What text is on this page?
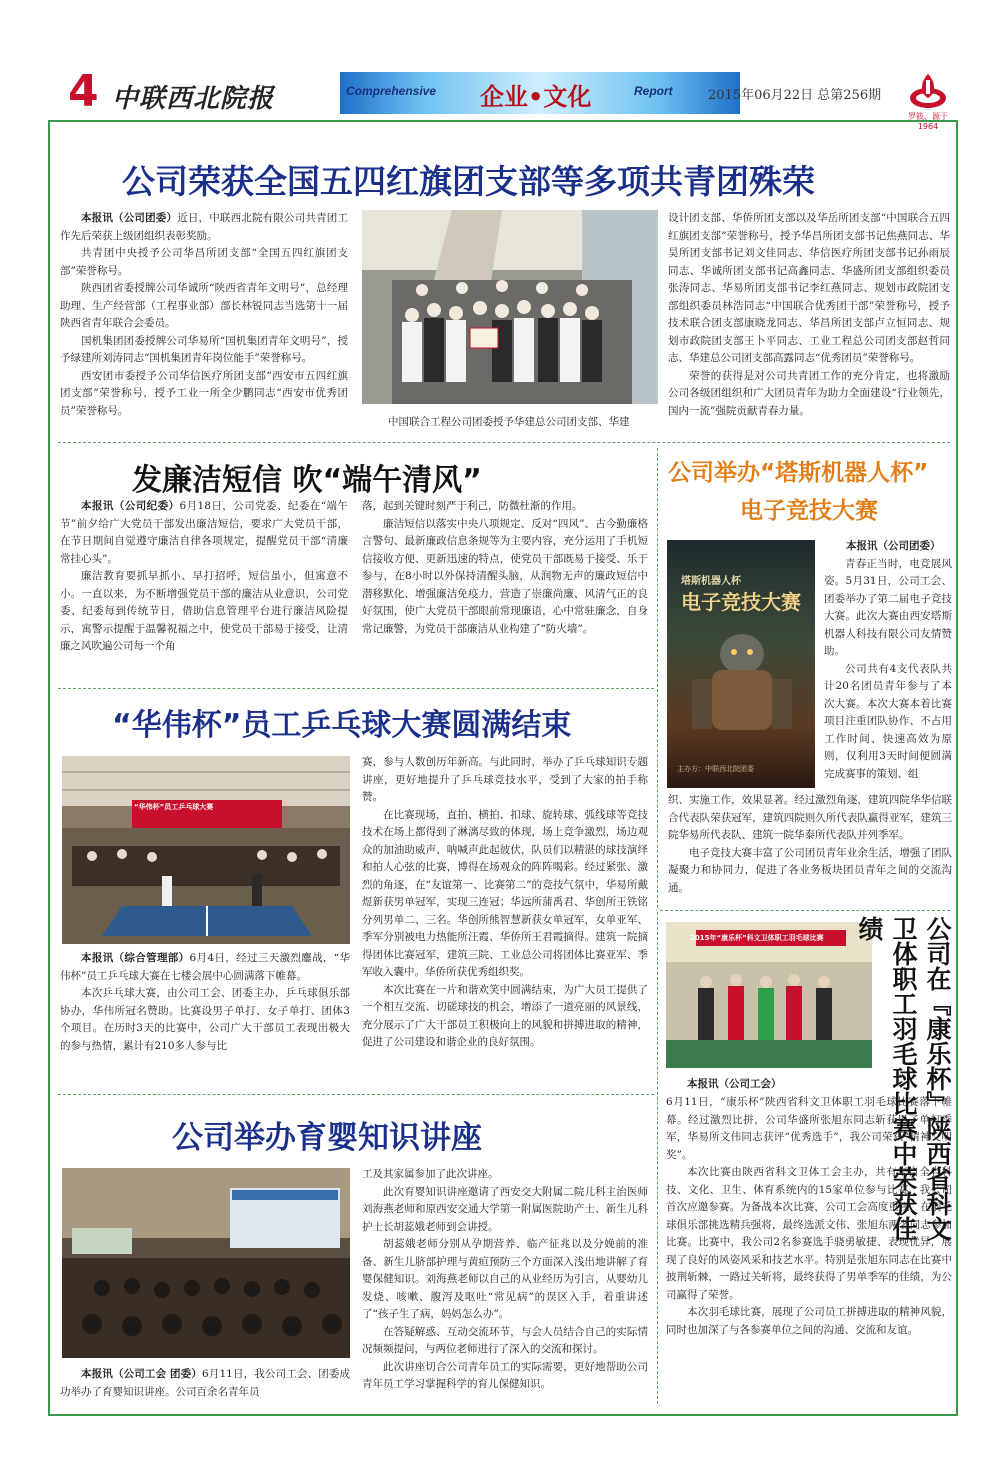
4 中联西北院报	Comprehensive 企业•文化	Report	2015年06月22日 总第256期
罗筱、源于1964
公司荣获全国五四红旗团支部等多项共青团殊荣

本报讯（公司团委）近日，中联西北院有限公司共青团工作先后荣获上级团组织表彰奖励。

共青团中央授予公司华昌所团支部“全国五四红旗团支部”荣誉称号。

陕西团省委授牌公司华诚所“陕西省青年文明号”，总经理助理、生产经营部（工程事业部）部长林锐同志当选第十一届陕西省青年联合会委员。

国机集团团委授牌公司华易所“国机集团青年文明号”，授予绿建所刘涛同志“国机集团青年岗位能手”荣誉称号。

西安团市委授予公司华信医疗所团支部“西安市五四红旗团支部”荣誉称号，授予工业一所全少鹏同志“西安市优秀团员”荣誉称号。

中国联合工程公司团委授予华建总公司团支部、华建

设计团支部、华侨所团支部以及华岳所团支部“中国联合五四红旗团支部”荣誉称号，授予华昌所团支部书记焦燕同志、华昊所团支部书记刘文佳同志、华信医疗所团支部书记孙雨辰同志、华诚所团支部书记高鑫同志、华盛所团支部组织委员张涛同志、华易所团支部书记李红燕同志、规划市政院团支部组织委员林浩同志“中国联合优秀团干部”荣誉称号，授予技术联合团支部康晓龙同志、华昌所团支部卢立恒同志、规划市政院团支部王卜平同志、工业工程总公司团支部赵哲同志、华建总公司团支部高露同志“优秀团员”荣誉称号。

荣誉的获得是对公司共青团工作的充分肯定，也将激励公司各级团组织和广大团员青年为助力全面建设“行业领先，国内一流”强院贡献青春力量。

发廉洁短信 吹“端午清风”

本报讯（公司纪委）6月18日，公司党委、纪委在“端午节”前夕给广大党员干部发出廉洁短信，要求广大党员干部，在节日期间自觉遵守廉洁自律各项规定，提醒党员干部“清廉常挂心头”。

廉洁教育要抓早抓小、早打招呼，短信虽小，但寓意不小。一直以来，为不断增强党员干部的廉洁从业意识，公司党委、纪委每到传统节日，借助信息管理平台进行廉洁风险提示，寓警示提醒于温馨祝福之中，使党员干部易于接受，让清廉之风吹遍公司每一个角

落，起到关键时刻严于利己，防微杜渐的作用。

廉洁短信以落实中央八项规定、反对“四风”、古今勤廉格言警句、最新廉政信息条规等为主要内容，充分运用了手机短信接收方便、更新迅速的特点，使党员干部既易于接受、乐于参与，在8小时以外保持清醒头脑，从润物无声的廉政短信中潜移默化、增强廉洁免疫力，营造了崇廉尚廉、风清气正的良好氛围，使广大党员干部眼前常现廉语，心中常驻廉念，自身常记廉警，为党员干部廉洁从业构建了“防火墙”。

公司举办“塔斯机器人杯”
电子竞技大赛
塔斯机器人杯
电子竞技大赛
主办方：中联西北院团委

本报讯（公司团委）

青春正当时，电竞展风姿。5月31日，公司工会、团委举办了第二届电子竞技大赛。此次大赛由西安塔斯机器人科技有限公司友情赞助。

公司共有4支代表队共计20名团员青年参与了本次大赛。本次大赛本着比赛项目注重团队协作、不占用工作时间、快速高效为原则，仅利用3天时间便圆满完成赛事的策划、组

织、实施工作，效果显著。经过激烈角逐，建筑四院华华信联合代表队荣获冠军，建筑四院则久所代表队赢得亚军，建筑三院华易所代表队、建筑一院华泰所代表队并列季军。

电子竞技大赛丰富了公司团员青年业余生活，增强了团队凝聚力和协同力，促进了各业务板块团员青年之间的交流沟通。

“华伟杯”员工乒乓球大赛圆满结束
“华伟杯”员工乒乓球大赛

本报讯（综合管理部）6月4日，经过三天激烈鏖战，“华伟杯”员工乒乓球大赛在七楼会展中心圆满落下帷幕。

本次乒乓球大赛，由公司工会、团委主办，乒乓球俱乐部协办，华伟所冠名赞助。比赛设男子单打、女子单打、团体3个项目。在历时3天的比赛中，公司广大干部员工表现出极大的参与热情，累计有210多人参与比

赛，参与人数创历年新高。与此同时，举办了乒乓球知识专题讲座，更好地提升了乒乓球竞技水平，受到了大家的拍手称赞。

在比赛现场，直拍、横拍、扣球、旋转球、弧线球等竞技技术在场上都得到了淋漓尽致的体现，场上竞争激烈，场边观众的加油助威声、呐喊声此起彼伏，队员们以精湛的球技演绎和拍人心弦的比赛，博得在场观众的阵阵喝彩。经过紧张、激烈的角逐，在“友谊第一、比赛第二”的竞技气氛中，华易所戴煜新获男单冠军，实现三连冠；华远所蒲禹君、华创所王铁铭分列男单二、三名。华创所熊智慧新获女单冠军，女单亚军、季军分别被电力热能所汪霞、华侨所王君霞摘得。建筑一院摘得团体比赛冠军，建筑三院、工业总公司将团体比赛亚军、季军收入囊中。华侨所获优秀组织奖。

本次比赛在一片和谐欢笑中圆满结束，为广大员工提供了一个相互交流、切磋球技的机会，增添了一道亮丽的风景线，充分展示了广大干部员工积极向上的风貌和拼搏进取的精神，促进了公司建设和谐企业的良好氛围。

2015年“康乐杯”科文卫体职工羽毛球比赛	公司在『康乐杯』陕西省科文卫体职工羽毛球比赛中荣获佳绩

本报讯（公司工会）

6月11日，“康乐杯”陕西省科文卫体职工羽毛球比赛落下帷幕。经过激烈比拼，公司华盛所张旭东同志斩获男子单打季军，华易所文伟同志获评“优秀选手”，我公司荣获“精神文明奖”。

本次比赛由陕西省科文卫体工会主办，共有来自全省科技、文化、卫生、体育系统内的15家单位参与比赛，我公司首次应邀参赛。为备战本次比赛，公司工会高度重视，在羽毛球俱乐部挑选精兵强将，最终选派文伟、张旭东两名同志参加比赛。比赛中，我公司2名参赛选手骁勇敏捷、表现优异，展现了良好的风姿风采和技艺水平。特别是张旭东同志在比赛中披荆斩棘，一路过关斩将，最终获得了男单季军的佳绩，为公司赢得了荣誉。

本次羽毛球比赛，展现了公司员工拼搏进取的精神风貌，同时也加深了与各参赛单位之间的沟通、交流和友谊。

公司举办育婴知识讲座

本报讯（公司工会 团委）6月11日，我公司工会、团委成功举办了育婴知识讲座。公司百余名青年员

工及其家属参加了此次讲座。

此次育婴知识讲座邀请了西安交大附属二院儿科主治医师刘海燕老师和原西安交通大学第一附属医院助产士、新生儿科护士长胡蕊娥老师到会讲授。

胡蕊娥老师分别从孕期营养、临产征兆以及分娩前的准备、新生儿脐部护理与黄疸预防三个方面深入浅出地讲解了育婴保健知识。刘海燕老师以自己的从业经历为引言，从婴幼儿发烧、咳嗽、腹泻及呕吐“常见病”的误区入手，着重讲述了“孩子生了病，妈妈怎么办”。

在答疑解惑、互动交流环节，与会人员结合自己的实际情况频频提问，与两位老师进行了深入的交流和探讨。

此次讲座切合公司青年员工的实际需要，更好地帮助公司青年员工学习掌握科学的育儿保健知识。
